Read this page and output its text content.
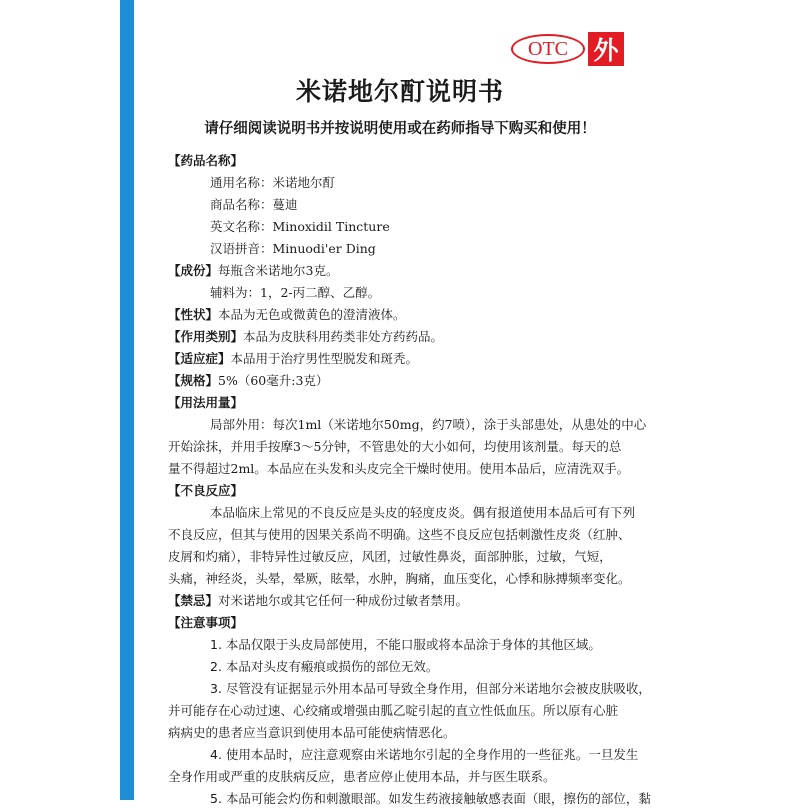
OTC	外
米诺地尔酊说明书
请仔细阅读说明书并按说明使用或在药师指导下购买和使用！
【药品名称】
通用名称：米诺地尔酊
商品名称：蔓迪
英文名称：Minoxidil Tincture
汉语拼音：Minuodi'er Ding
【成份】每瓶含米诺地尔3克。
辅料为：1，2-丙二醇、乙醇。
【性状】本品为无色或微黄色的澄清液体。
【作用类别】本品为皮肤科用药类非处方药药品。
【适应症】本品用于治疗男性型脱发和斑秃。
【规格】5%（60毫升:3克）
【用法用量】
局部外用：每次1ml（米诺地尔50mg，约7喷），涂于头部患处，从患处的中心
开始涂抹，并用手按摩3～5分钟，不管患处的大小如何，均使用该剂量。每天的总
量不得超过2ml。本品应在头发和头皮完全干燥时使用。使用本品后，应清洗双手。
【不良反应】
本品临床上常见的不良反应是头皮的轻度皮炎。偶有报道使用本品后可有下列
不良反应，但其与使用的因果关系尚不明确。这些不良反应包括刺激性皮炎（红肿、
皮屑和灼痛），非特异性过敏反应，风团，过敏性鼻炎，面部肿胀，过敏，气短，
头痛，神经炎，头晕，晕厥，眩晕，水肿，胸痛，血压变化，心悸和脉搏频率变化。
【禁忌】对米诺地尔或其它任何一种成份过敏者禁用。
【注意事项】
1. 本品仅限于头皮局部使用，不能口服或将本品涂于身体的其他区域。
2. 本品对头皮有瘢痕或损伤的部位无效。
3. 尽管没有证据显示外用本品可导致全身作用，但部分米诺地尔会被皮肤吸收，
并可能存在心动过速、心绞痛或增强由胍乙啶引起的直立性低血压。所以原有心脏
病病史的患者应当意识到使用本品可能使病情恶化。
4. 使用本品时，应注意观察由米诺地尔引起的全身作用的一些征兆。一旦发生
全身作用或严重的皮肤病反应，患者应停止使用本品，并与医生联系。
5. 本品可能会灼伤和刺激眼部。如发生药液接触敏感表面（眼，擦伤的部位，黏
